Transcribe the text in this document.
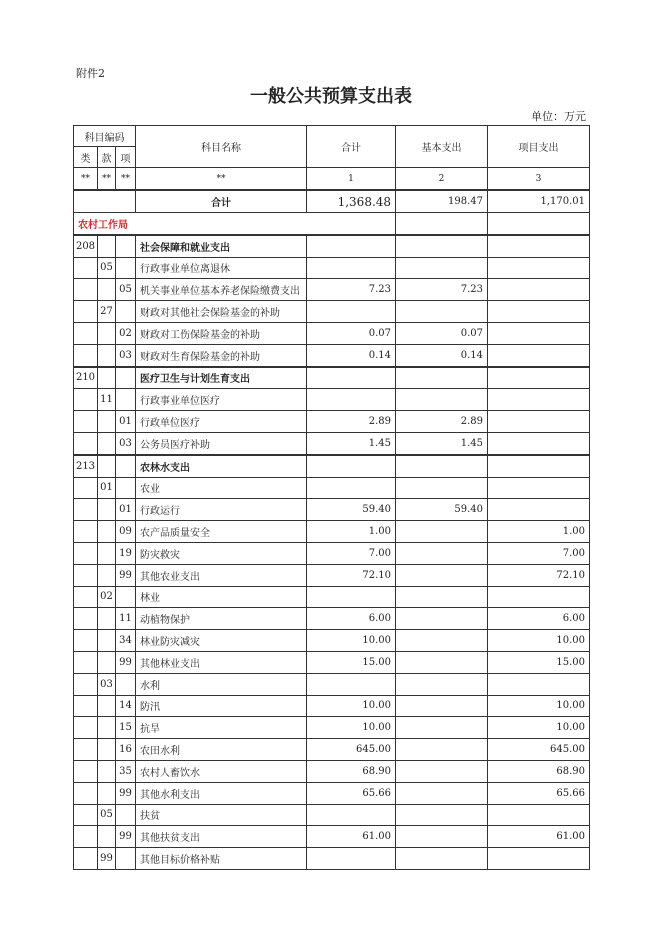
附件2
一般公共预算支出表
单位：万元
科目编码			科目名称	合计	基本支出	项目支出
类	款	项				
**	**	**	**	1	2	3
			合计	1,368.48	198.47	1,170.01
农村工作局						
208			社会保障和就业支出			
	05		行政事业单位离退休			
		05	机关事业单位基本养老保险缴费支出	7.23	7.23	
	27		财政对其他社会保险基金的补助			
		02	财政对工伤保险基金的补助	0.07	0.07	
		03	财政对生育保险基金的补助	0.14	0.14	
210			医疗卫生与计划生育支出			
	11		行政事业单位医疗			
		01	行政单位医疗	2.89	2.89	
		03	公务员医疗补助	1.45	1.45	
213			农林水支出			
	01		农业			
		01	行政运行	59.40	59.40	
		09	农产品质量安全	1.00		1.00
		19	防灾救灾	7.00		7.00
		99	其他农业支出	72.10		72.10
	02		林业			
		11	动植物保护	6.00		6.00
		34	林业防灾减灾	10.00		10.00
		99	其他林业支出	15.00		15.00
	03		水利			
		14	防汛	10.00		10.00
		15	抗旱	10.00		10.00
		16	农田水利	645.00		645.00
		35	农村人畜饮水	68.90		68.90
		99	其他水利支出	65.66		65.66
	05		扶贫			
		99	其他扶贫支出	61.00		61.00
	99		其他目标价格补贴			
